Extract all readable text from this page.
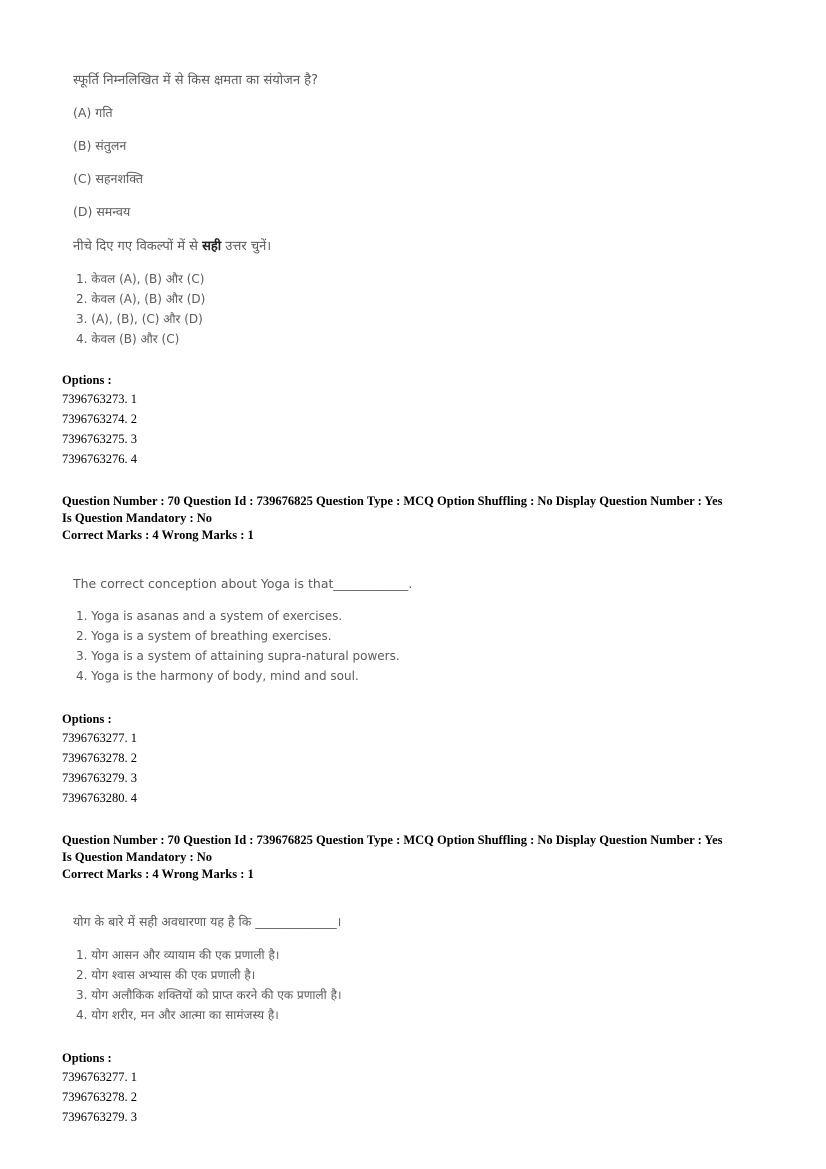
स्फूर्ति निम्नलिखित में से किस क्षमता का संयोजन है?
(A) गति
(B) संतुलन
(C) सहनशक्ति
(D) समन्वय
नीचे दिए गए विकल्पों में से सही उत्तर चुनें।
1. केवल (A), (B) और (C)
2. केवल (A), (B) और (D)
3. (A), (B), (C) और (D)
4. केवल (B) और (C)
Options :
7396763273. 1
7396763274. 2
7396763275. 3
7396763276. 4
Question Number : 70 Question Id : 739676825 Question Type : MCQ Option Shuffling : No Display Question Number : Yes
Is Question Mandatory : No
Correct Marks : 4 Wrong Marks : 1
The correct conception about Yoga is that____________.
1. Yoga is asanas and a system of exercises.
2. Yoga is a system of breathing exercises.
3. Yoga is a system of attaining supra-natural powers.
4. Yoga is the harmony of body, mind and soul.
Options :
7396763277. 1
7396763278. 2
7396763279. 3
7396763280. 4
Question Number : 70 Question Id : 739676825 Question Type : MCQ Option Shuffling : No Display Question Number : Yes
Is Question Mandatory : No
Correct Marks : 4 Wrong Marks : 1
योग के बारे में सही अवधारणा यह है कि _____________।
1. योग आसन और व्यायाम की एक प्रणाली है।
2. योग श्वास अभ्यास की एक प्रणाली है।
3. योग अलौकिक शक्तियों को प्राप्त करने की एक प्रणाली है।
4. योग शरीर, मन और आत्मा का सामंजस्य है।
Options :
7396763277. 1
7396763278. 2
7396763279. 3
